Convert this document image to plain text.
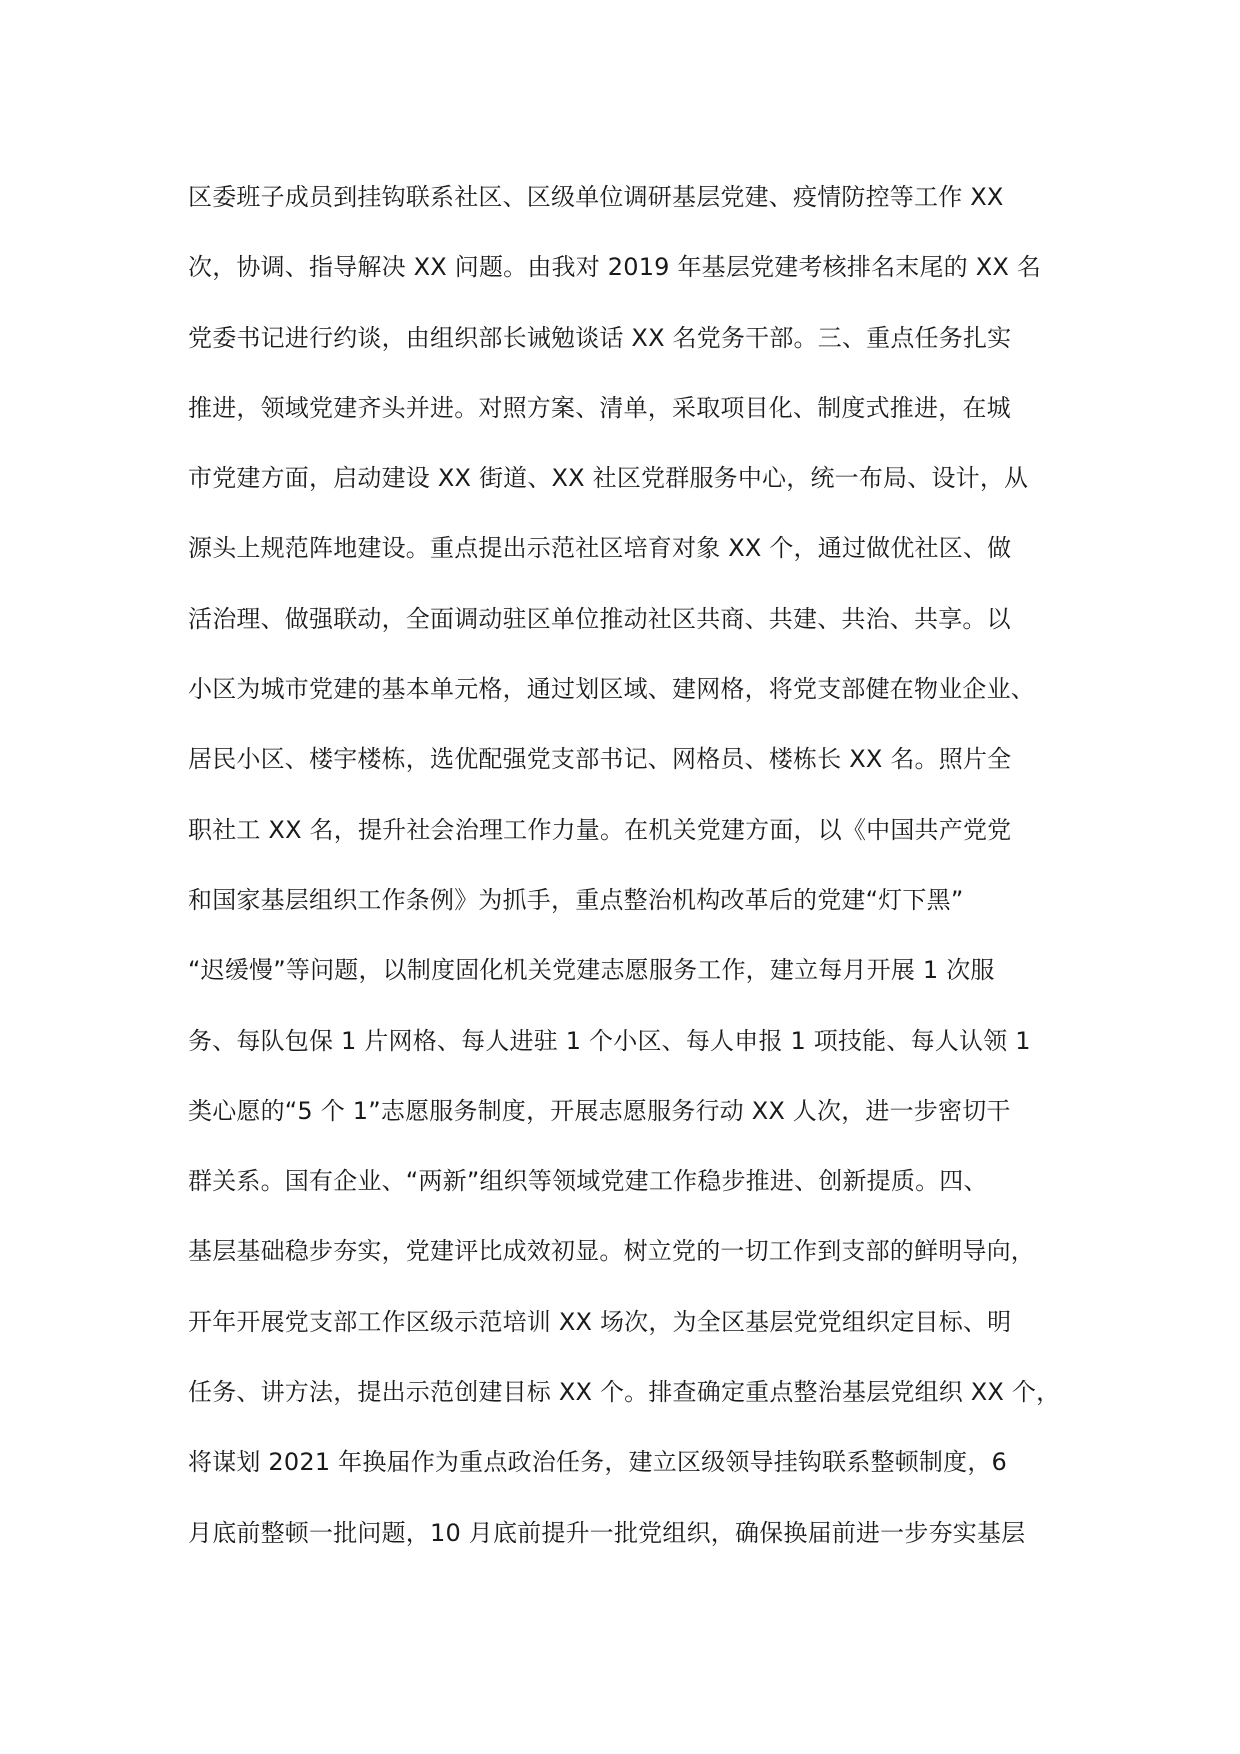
区委班子成员到挂钩联系社区、区级单位调研基层党建、疫情防控等工作 XX
次，协调、指导解决 XX 问题。由我对 2019 年基层党建考核排名末尾的 XX 名
党委书记进行约谈，由组织部长诫勉谈话 XX 名党务干部。三、重点任务扎实
推进，领域党建齐头并进。对照方案、清单，采取项目化、制度式推进，在城
市党建方面，启动建设 XX 街道、XX 社区党群服务中心，统一布局、设计，从
源头上规范阵地建设。重点提出示范社区培育对象 XX 个，通过做优社区、做
活治理、做强联动，全面调动驻区单位推动社区共商、共建、共治、共享。以
小区为城市党建的基本单元格，通过划区域、建网格，将党支部健在物业企业、
居民小区、楼宇楼栋，选优配强党支部书记、网格员、楼栋长 XX 名。照片全
职社工 XX 名，提升社会治理工作力量。在机关党建方面，以《中国共产党党
和国家基层组织工作条例》为抓手，重点整治机构改革后的党建“灯下黑”
“迟缓慢”等问题，以制度固化机关党建志愿服务工作，建立每月开展 1 次服
务、每队包保 1 片网格、每人进驻 1 个小区、每人申报 1 项技能、每人认领 1
类心愿的“5 个 1”志愿服务制度，开展志愿服务行动 XX 人次，进一步密切干
群关系。国有企业、“两新”组织等领域党建工作稳步推进、创新提质。四、
基层基础稳步夯实，党建评比成效初显。树立党的一切工作到支部的鲜明导向，
开年开展党支部工作区级示范培训 XX 场次，为全区基层党党组织定目标、明
任务、讲方法，提出示范创建目标 XX 个。排查确定重点整治基层党组织 XX 个，
将谋划 2021 年换届作为重点政治任务，建立区级领导挂钩联系整顿制度，6
月底前整顿一批问题，10 月底前提升一批党组织，确保换届前进一步夯实基层
